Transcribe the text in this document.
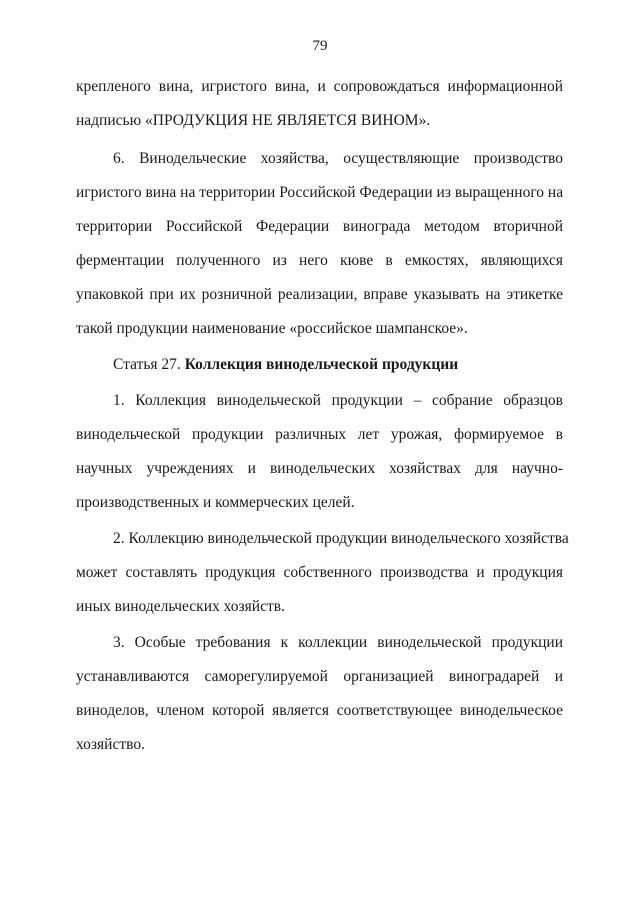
79
крепленого вина, игристого вина, и сопровождаться информационной
надписью «ПРОДУКЦИЯ НЕ ЯВЛЯЕТСЯ ВИНОМ».
6. Винодельческие хозяйства, осуществляющие производство
игристого вина на территории Российской Федерации из выращенного на
территории Российской Федерации винограда методом вторичной
ферментации полученного из него кюве в емкостях, являющихся
упаковкой при их розничной реализации, вправе указывать на этикетке
такой продукции наименование «российское шампанское».
Статья 27. Коллекция винодельческой продукции
1. Коллекция винодельческой продукции – собрание образцов
винодельческой продукции различных лет урожая, формируемое в
научных учреждениях и винодельческих хозяйствах для научно-
производственных и коммерческих целей.
2. Коллекцию винодельческой продукции винодельческого хозяйства
может составлять продукция собственного производства и продукция
иных винодельческих хозяйств.
3. Особые требования к коллекции винодельческой продукции
устанавливаются саморегулируемой организацией виноградарей и
виноделов, членом которой является соответствующее винодельческое
хозяйство.
